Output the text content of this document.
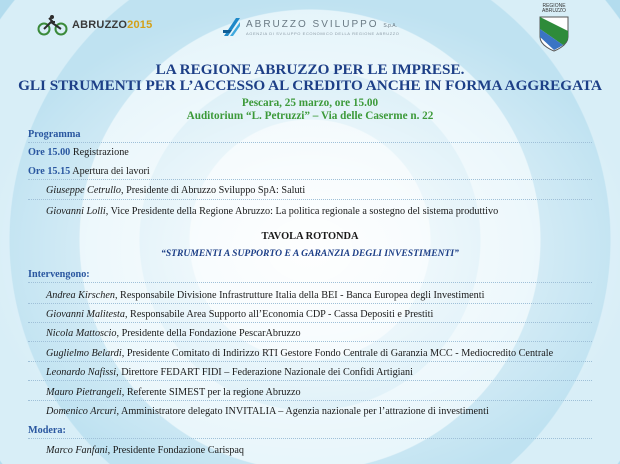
ABRUZZO2015	ABRUZZO SVILUPPO S.p.A.
AGENZIA DI SVILUPPO ECONOMICO DELLA REGIONE ABRUZZO
REGIONE
ABRUZZO
LA REGIONE ABRUZZO PER LE IMPRESE.
GLI STRUMENTI PER L’ACCESSO AL CREDITO ANCHE IN FORMA AGGREGATA
Pescara, 25 marzo, ore 15.00
Auditorium “L. Petruzzi” – Via delle Caserme n. 22
Programma
Ore 15.00 Registrazione
Ore 15.15 Apertura dei lavori
Giuseppe Cetrullo, Presidente di Abruzzo Sviluppo SpA: Saluti
Giovanni Lolli, Vice Presidente della Regione Abruzzo: La politica regionale a sostegno del sistema produttivo
TAVOLA ROTONDA
“STRUMENTI A SUPPORTO E A GARANZIA DEGLI INVESTIMENTI”
Intervengono:
Andrea Kirschen, Responsabile Divisione Infrastrutture Italia della BEI - Banca Europea degli Investimenti
Giovanni Malitesta, Responsabile Area Supporto all’Economia CDP - Cassa Depositi e Prestiti
Nicola Mattoscio, Presidente della Fondazione PescarAbruzzo
Guglielmo Belardi, Presidente Comitato di Indirizzo RTI Gestore Fondo Centrale di Garanzia MCC - Mediocredito Centrale
Leonardo Nafissi, Direttore FEDART FIDI – Federazione Nazionale dei Confidi Artigiani
Mauro Pietrangeli, Referente SIMEST per la regione Abruzzo
Domenico Arcuri, Amministratore delegato INVITALIA – Agenzia nazionale per l’attrazione di investimenti
Modera:
Marco Fanfani, Presidente Fondazione Carispaq
